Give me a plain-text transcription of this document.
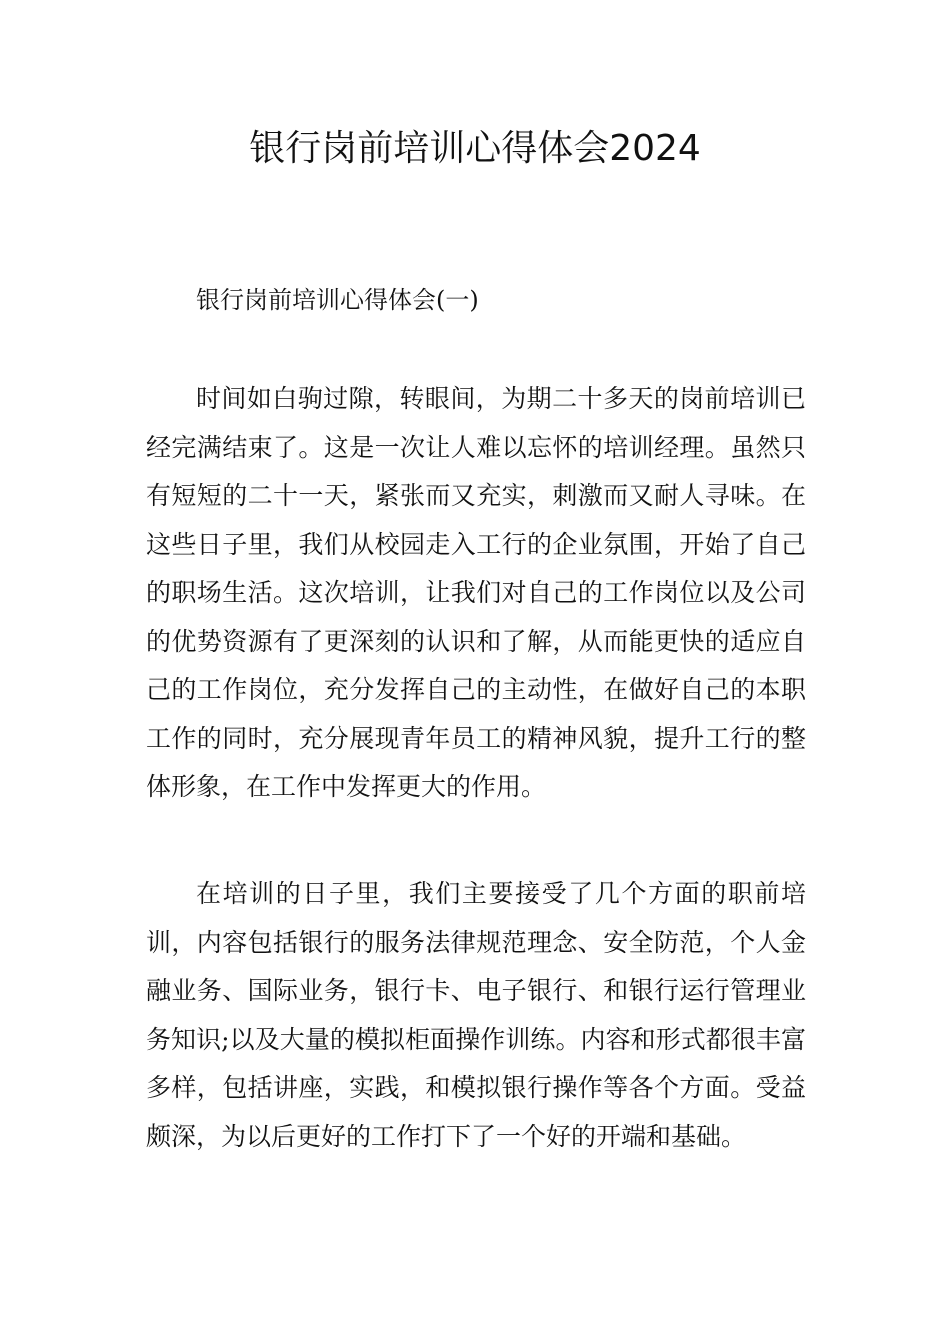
银行岗前培训心得体会2024

银行岗前培训心得体会(一)

时间如白驹过隙，转眼间，为期二十多天的岗前培训已经完满结束了。这是一次让人难以忘怀的培训经理。虽然只有短短的二十一天，紧张而又充实，刺激而又耐人寻味。在这些日子里，我们从校园走入工行的企业氛围，开始了自己的职场生活。这次培训，让我们对自己的工作岗位以及公司的优势资源有了更深刻的认识和了解，从而能更快的适应自己的工作岗位，充分发挥自己的主动性，在做好自己的本职工作的同时，充分展现青年员工的精神风貌，提升工行的整体形象，在工作中发挥更大的作用。

在培训的日子里，我们主要接受了几个方面的职前培训，内容包括银行的服务法律规范理念、安全防范，个人金融业务、国际业务，银行卡、电子银行、和银行运行管理业务知识;以及大量的模拟柜面操作训练。内容和形式都很丰富多样，包括讲座，实践，和模拟银行操作等各个方面。受益颇深，为以后更好的工作打下了一个好的开端和基础。
